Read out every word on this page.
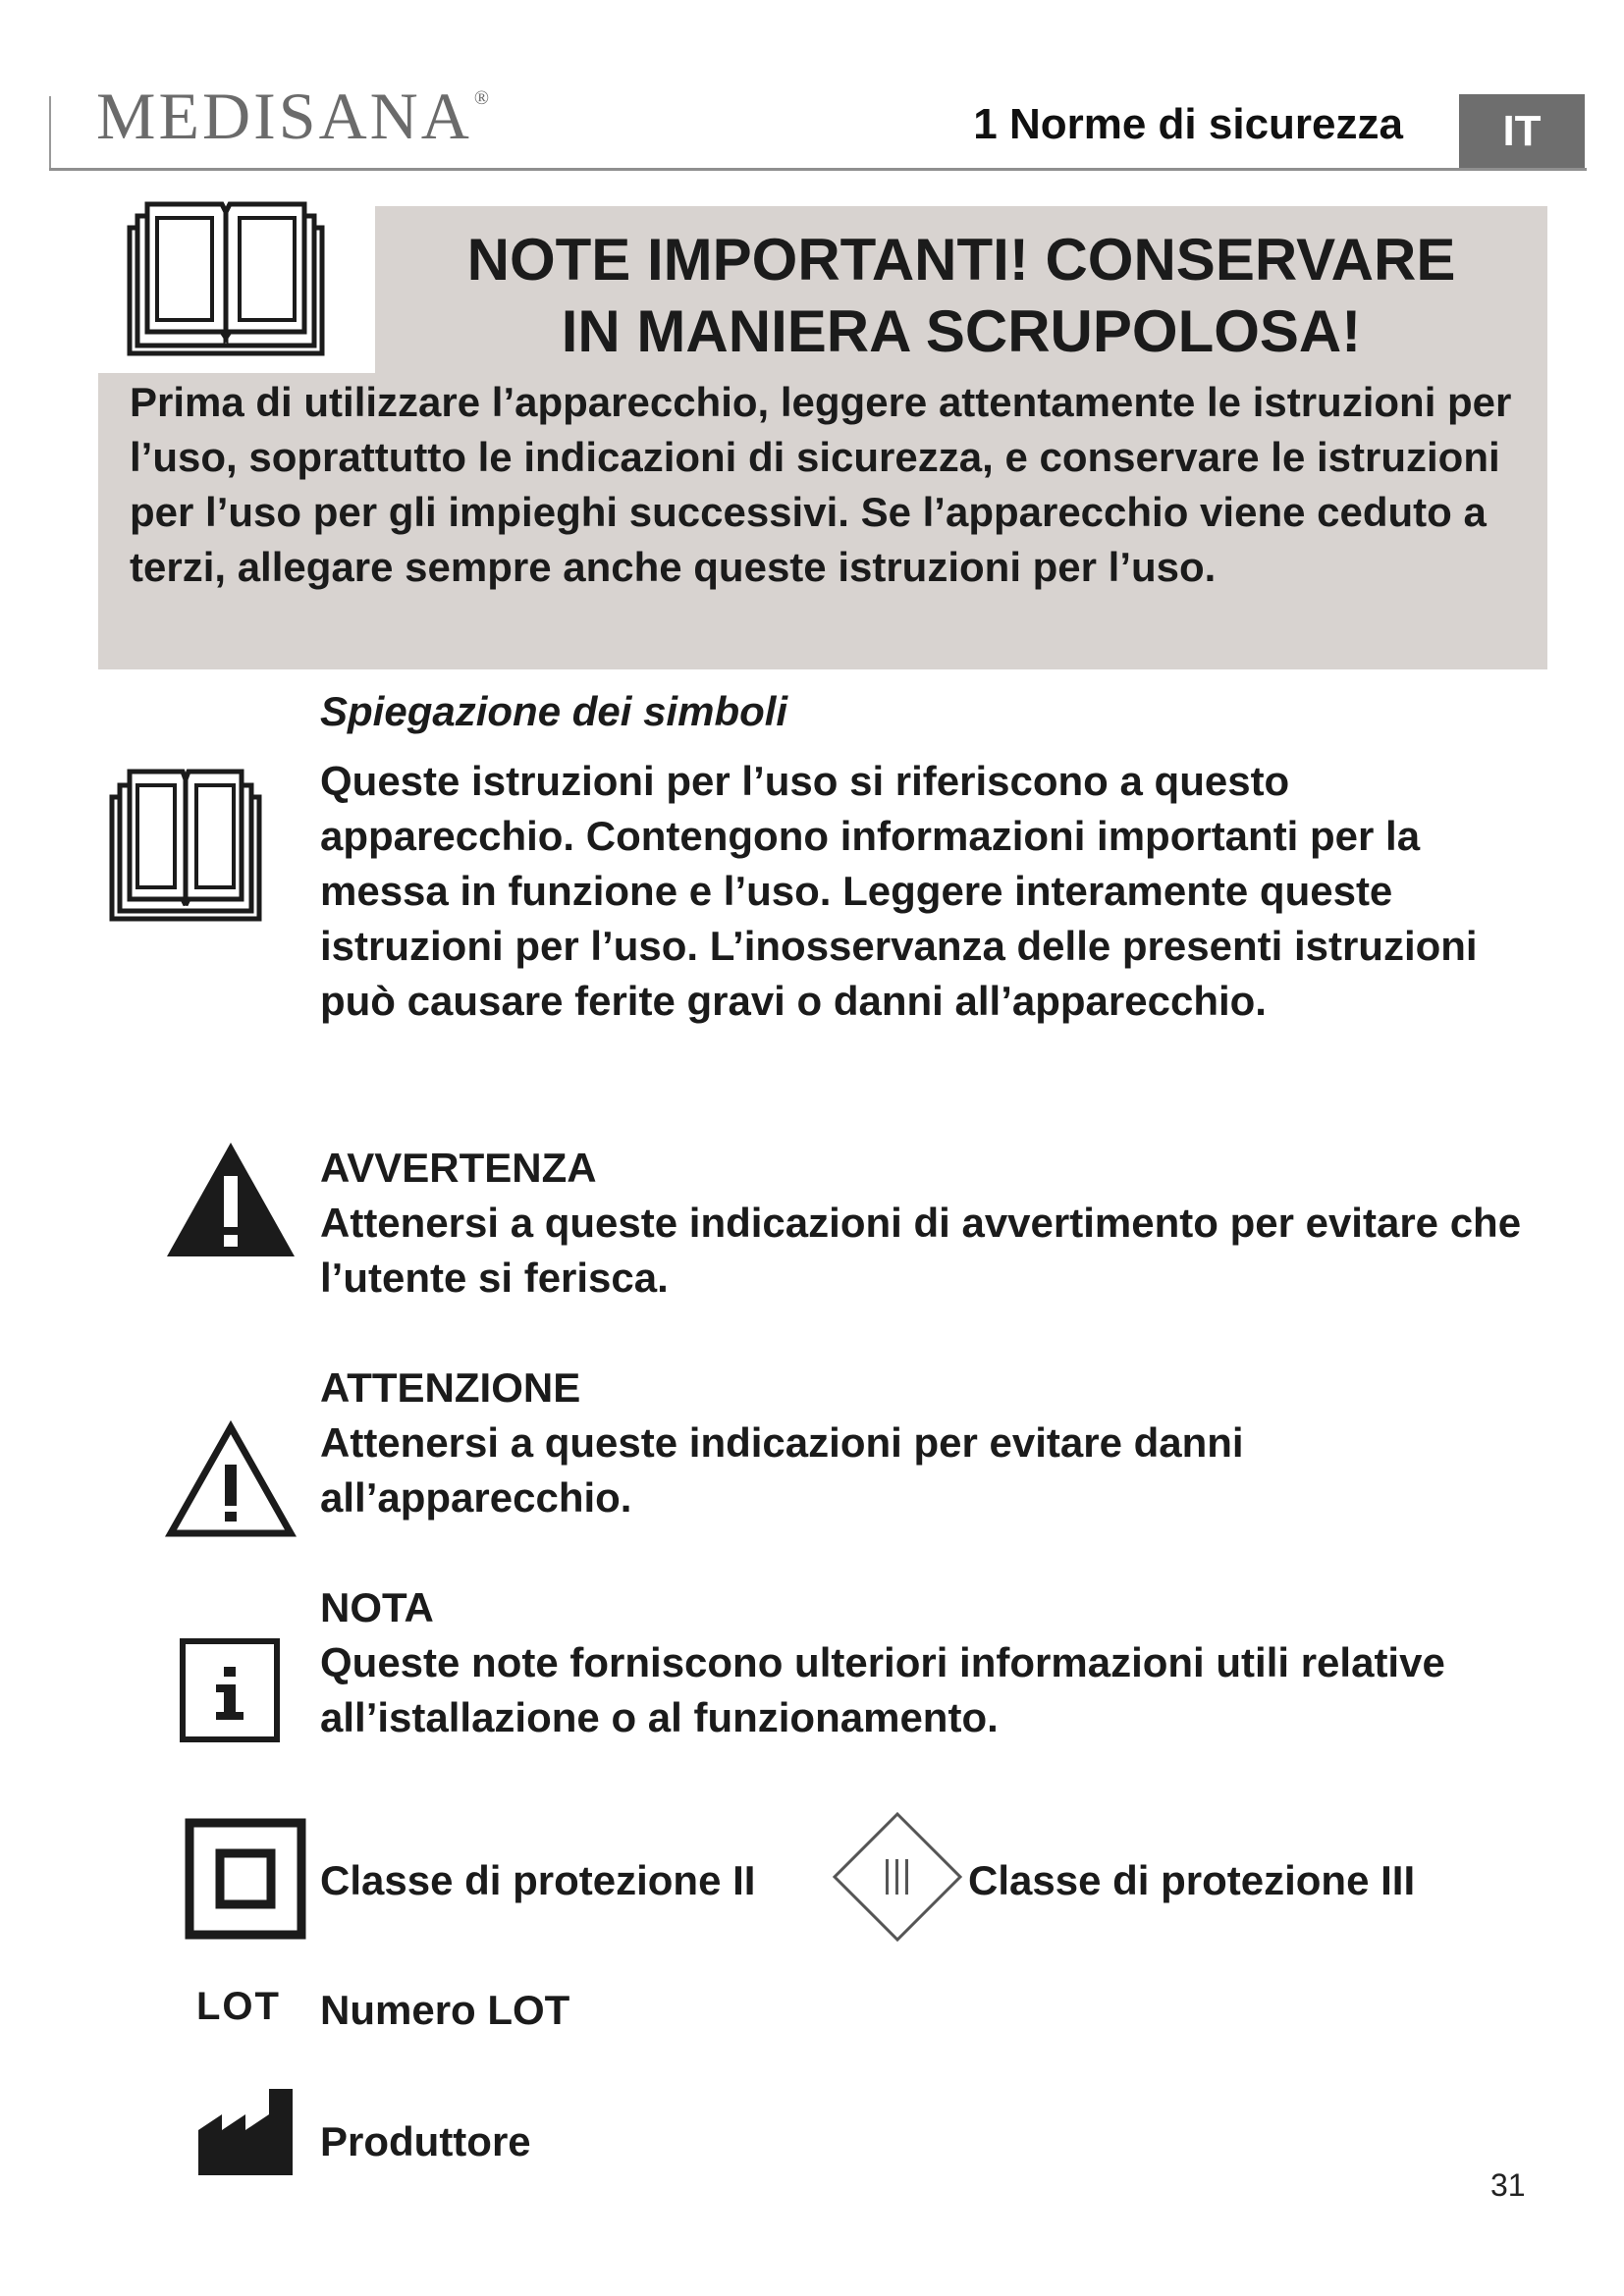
MEDISANA ®
1 Norme di sicurezza	IT
NOTE IMPORTANTI! CONSERVARE
IN MANIERA SCRUPOLOSA!
Prima di utilizzare l’apparecchio, leggere attentamente le istruzioni per l’uso, soprattutto le indicazioni di sicurezza, e conservare le istruzioni per l’uso per gli impieghi successivi. Se l’apparecchio viene ceduto a terzi, allegare sempre anche queste istruzioni per l’uso.
Spiegazione dei simboli
Queste istruzioni per l’uso si riferiscono a questo apparecchio. Contengono informazioni importanti per la messa in funzione e l’uso. Leggere interamente queste istruzioni per l’uso. L’inosservanza delle presenti istruzioni può causare ferite gravi o danni all’apparecchio.
AVVERTENZA
Attenersi a queste indicazioni di avvertimento per evitare che l’utente si ferisca.
ATTENZIONE
Attenersi a queste indicazioni per evitare danni all’apparecchio.
NOTA
Queste note forniscono ulteriori informazioni utili relative all’istallazione o al funzionamento.
Classe di protezione II	Classe di protezione III
LOT Numero LOT
Produttore
31
